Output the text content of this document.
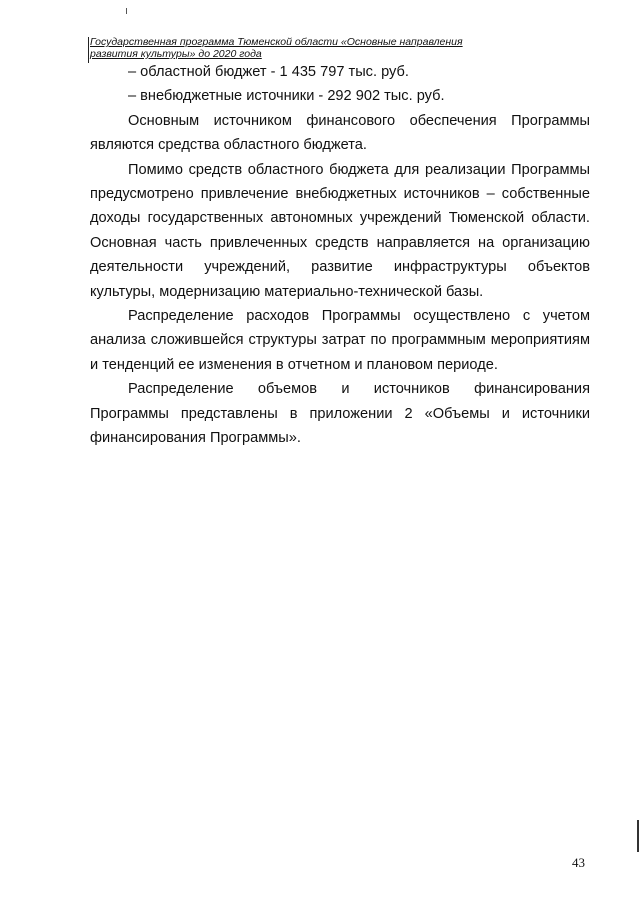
Государственная программа Тюменской области «Основные направления
развития культуры» до 2020 года

– областной бюджет - 1 435 797 тыс. руб.

– внебюджетные источники - 292 902 тыс. руб.

Основным источником финансового обеспечения Программы являются средства областного бюджета.

Помимо средств областного бюджета для реализации Программы предусмотрено привлечение внебюджетных источников – собственные доходы государственных автономных учреждений Тюменской области. Основная часть привлеченных средств направляется на организацию деятельности учреждений, развитие инфраструктуры объектов культуры, модернизацию материально-технической базы.

Распределение расходов Программы осуществлено с учетом анализа сложившейся структуры затрат по программным мероприятиям и тенденций ее изменения в отчетном и плановом периоде.

Распределение объемов и источников финансирования Программы представлены в приложении 2 «Объемы и источники финансирования Программы».

43
